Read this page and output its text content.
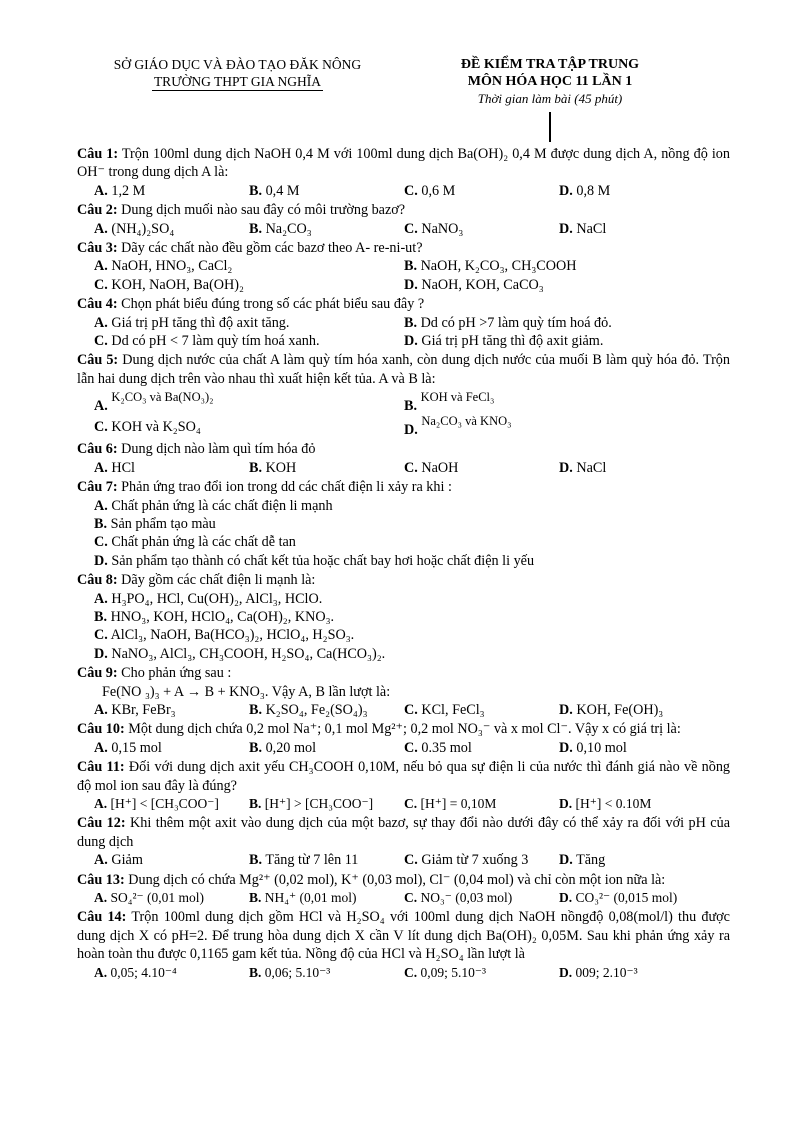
SỞ GIÁO DỤC VÀ ĐÀO TẠO ĐĂK NÔNG
TRƯỜNG THPT GIA NGHĨA
ĐỀ KIỂM TRA TẬP TRUNG
MÔN HÓA HỌC 11 LẦN 1
Thời gian làm bài (45 phút)
Câu 1: Trộn 100ml dung dịch NaOH 0,4 M với 100ml dung dịch Ba(OH)₂ 0,4 M được dung dịch A, nồng độ ion OH⁻ trong dung dịch A là:
A. 1,2 M	B. 0,4 M	C. 0,6 M	D. 0,8 M
Câu 2: Dung dịch muối nào sau đây có môi trường bazơ?
A. (NH₄)₂SO₄	B. Na₂CO₃	C. NaNO₃	D. NaCl
Câu 3: Dãy các chất nào đều gồm các bazơ theo A- re-ni-ut?
A. NaOH, HNO₃, CaCl₂	B. NaOH, K₂CO₃, CH₃COOH
C. KOH, NaOH, Ba(OH)₂	D. NaOH, KOH, CaCO₃
Câu 4: Chọn phát biểu đúng trong số các phát biểu sau đây ?
A. Giá trị pH tăng thì độ axit tăng.	B. Dd có pH >7 làm quỳ tím hoá đỏ.
C. Dd có pH < 7 làm quỳ tím hoá xanh.	D. Giá trị pH tăng thì độ axit giảm.
Câu 5: Dung dịch nước của chất A làm quỳ tím hóa xanh, còn dung dịch nước của muối B làm quỳ hóa đỏ. Trộn lẫn hai dung dịch trên vào nhau thì xuất hiện kết tủa. A và B là:
A. K₂CO₃ và Ba(NO₃)₂
B. KOH và FeCl₃
C. KOH và K₂SO₄	D. Na₂CO₃ và KNO₃
Câu 6: Dung dịch nào làm quì tím hóa đỏ
A. HCl	B. KOH	C. NaOH	D. NaCl
Câu 7: Phản ứng trao đổi ion trong dd các chất điện li xảy ra khi :
A. Chất phản ứng là các chất điện li mạnh
B. Sản phẩm tạo màu
C. Chất phản ứng là các chất dễ tan
D. Sản phẩm tạo thành có chất kết tủa hoặc chất bay hơi hoặc chất điện li yếu
Câu 8: Dãy gồm các chất điện li mạnh là:
A. H₃PO₄, HCl, Cu(OH)₂, AlCl₃, HClO.
B. HNO₃, KOH, HClO₄, Ca(OH)₂, KNO₃.
C. AlCl₃, NaOH, Ba(HCO₃)₂, HClO₄, H₂SO₃.
D. NaNO₃, AlCl₃, CH₃COOH, H₂SO₄, Ca(HCO₃)₂.
Câu 9: Cho phản ứng sau :
Fe(NO ₃)₃ + A → B + KNO₃. Vậy A, B lần lượt là:
A. KBr, FeBr₃	B. K₂SO₄, Fe₂(SO₄)₃	C. KCl, FeCl₃	D. KOH, Fe(OH)₃
Câu 10: Một dung dịch chứa 0,2 mol Na⁺; 0,1 mol Mg²⁺; 0,2 mol NO₃⁻ và x mol Cl⁻. Vậy x có giá trị là:
A. 0,15 mol	B. 0,20 mol	C. 0.35 mol	D. 0,10 mol
Câu 11: Đối với dung dịch axit yếu CH₃COOH 0,10M, nếu bỏ qua sự điện li của nước thì đánh giá nào về nồng độ mol ion sau đây là đúng?
A. [H⁺] < [CH₃COO⁻]	B. [H⁺] > [CH₃COO⁻]	C. [H⁺] = 0,10M	D. [H⁺] < 0.10M
Câu 12: Khi thêm một axit vào dung dịch của một bazơ, sự thay đổi nào dưới đây có thể xảy ra đối với pH của dung dịch
A. Giảm	B. Tăng từ 7 lên 11	C. Giảm từ 7 xuống 3	D. Tăng
Câu 13: Dung dịch có chứa Mg²⁺ (0,02 mol), K⁺ (0,03 mol), Cl⁻ (0,04 mol) và chỉ còn một ion nữa là:
A. SO₄²⁻ (0,01 mol)	B. NH₄⁺ (0,01 mol)	C. NO₃⁻ (0,03 mol)	D. CO₃²⁻ (0,015 mol)
Câu 14: Trộn 100ml dung dịch gồm HCl và H₂SO₄ với 100ml dung dịch NaOH nồngđộ 0,08(mol/l) thu được dung dịch X có pH=2. Để trung hòa dung dịch X cần V lít dung dịch Ba(OH)₂ 0,05M. Sau khi phản ứng xảy ra hoàn toàn thu được 0,1165 gam kết tủa. Nồng độ của HCl và H₂SO₄ lần lượt là
A. 0,05; 4.10⁻⁴	B. 0,06; 5.10⁻³	C. 0,09; 5.10⁻³	D. 009; 2.10⁻³
